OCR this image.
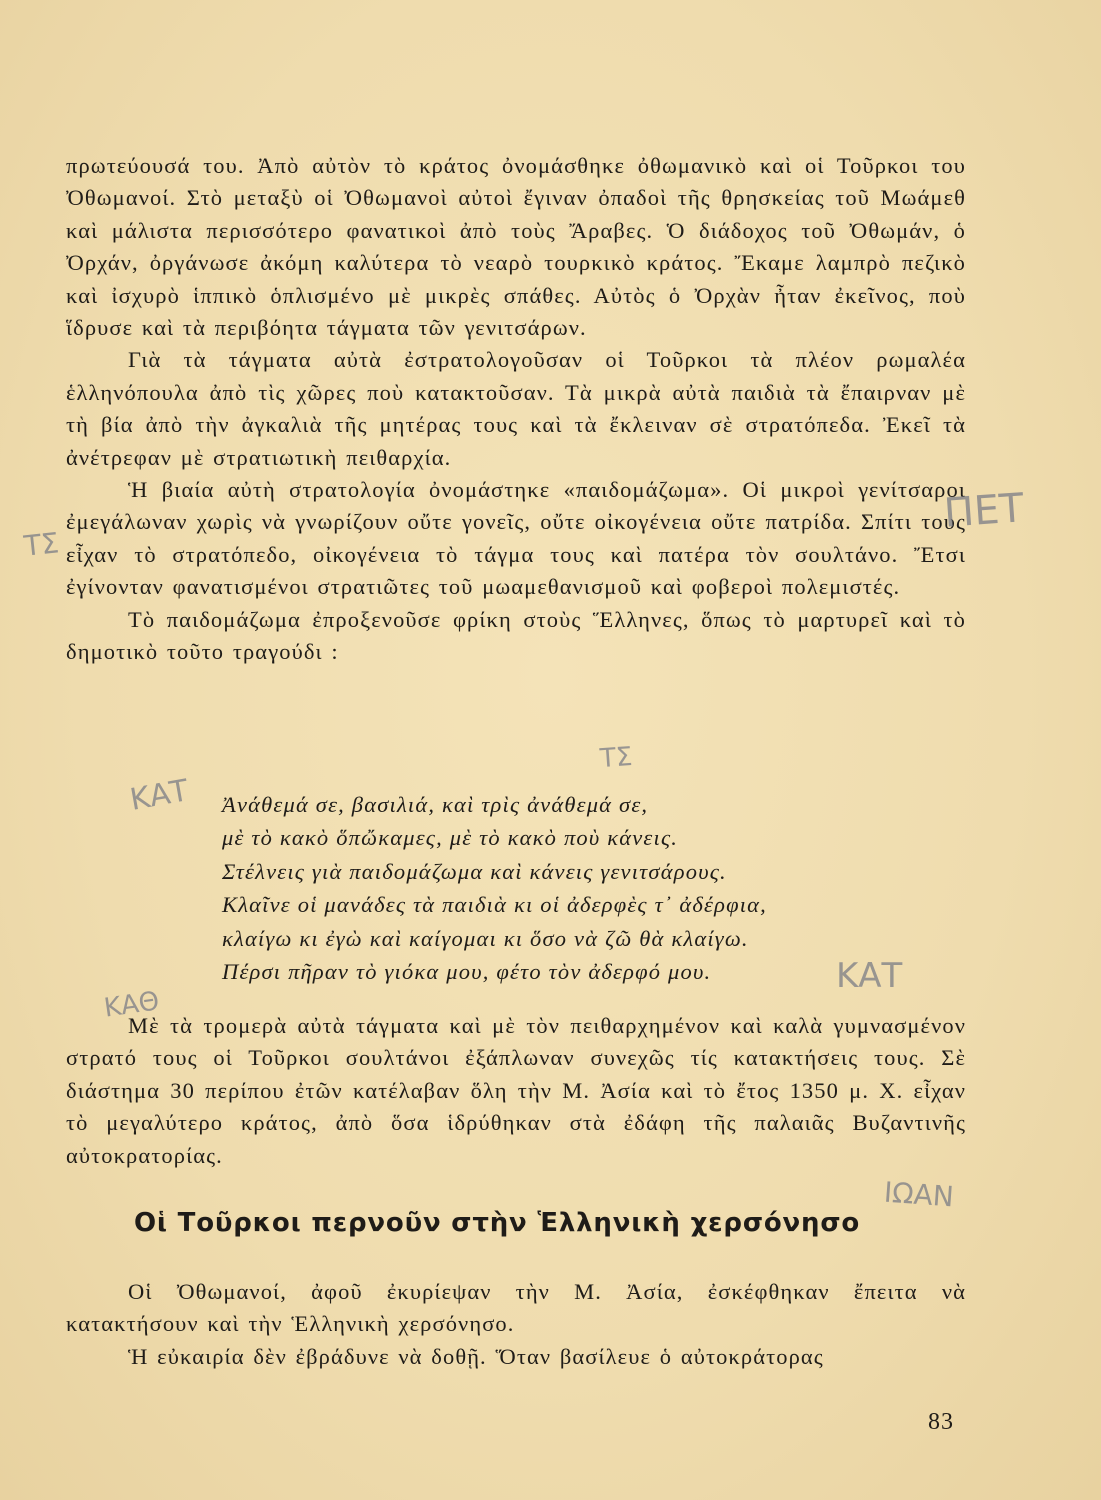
πρωτεύουσά του. Ἀπὸ αὐτὸν τὸ κράτος ὀνομάσθηκε ὀθωμανικὸ καὶ οἱ Τοῦρκοι του Ὀθωμανοί. Στὸ μεταξὺ οἱ Ὀθωμανοὶ αὐτοὶ ἔγιναν ὀπαδοὶ τῆς θρησκείας τοῦ Μωάμεθ καὶ μάλιστα περισσότερο φανατικοὶ ἀπὸ τοὺς Ἄραβες. Ὁ διάδοχος τοῦ Ὀθωμάν, ὁ Ὀρχάν, ὀργάνωσε ἀκόμη καλύτερα τὸ νεαρὸ τουρκικὸ κράτος. Ἔκαμε λαμπρὸ πεζικὸ καὶ ἰσχυρὸ ἱππικὸ ὁπλισμένο μὲ μικρὲς σπάθες. Αὐτὸς ὁ Ὀρχὰν ἦταν ἐκεῖνος, ποὺ ἵδρυσε καὶ τὰ περιβόητα τάγματα τῶν γενιτσάρων.

Γιὰ τὰ τάγματα αὐτὰ ἐστρατολογοῦσαν οἱ Τοῦρκοι τὰ πλέον ρωμαλέα ἑλληνόπουλα ἀπὸ τὶς χῶρες ποὺ κατακτοῦσαν. Τὰ μικρὰ αὐτὰ παιδιὰ τὰ ἔπαιρναν μὲ τὴ βία ἀπὸ τὴν ἀγκαλιὰ τῆς μητέρας τους καὶ τὰ ἔκλειναν σὲ στρατόπεδα. Ἐκεῖ τὰ ἀνέτρεφαν μὲ στρατιωτικὴ πειθαρχία.

Ἡ βιαία αὐτὴ στρατολογία ὀνομάστηκε «παιδομάζωμα». Οἱ μικροὶ γενίτσαροι ἐμεγάλωναν χωρὶς νὰ γνωρίζουν οὔτε γονεῖς, οὔτε οἰκογένεια οὔτε πατρίδα. Σπίτι τους εἶχαν τὸ στρατόπεδο, οἰκογένεια τὸ τάγμα τους καὶ πατέρα τὸν σουλτάνο. Ἔτσι ἐγίνονταν φανατισμένοι στρατιῶτες τοῦ μωαμεθανισμοῦ καὶ φοβεροὶ πολεμιστές.

Τὸ παιδομάζωμα ἐπροξενοῦσε φρίκη στοὺς Ἕλληνες, ὅπως τὸ μαρτυρεῖ καὶ τὸ δημοτικὸ τοῦτο τραγούδι :

Ἀνάθεμά σε, βασιλιά, καὶ τρὶς ἀνάθεμά σε,
μὲ τὸ κακὸ ὅπὤκαμες, μὲ τὸ κακὸ ποὺ κάνεις.
Στέλνεις γιὰ παιδομάζωμα καὶ κάνεις γενιτσάρους.
Κλαῖνε οἱ μανάδες τὰ παιδιὰ κι οἱ ἀδερφὲς τ᾿ ἀδέρφια,
κλαίγω κι ἐγὼ καὶ καίγομαι κι ὅσο νὰ ζῶ θὰ κλαίγω.
Πέρσι πῆραν τὸ γιόκα μου, φέτο τὸν ἀδερφό μου.

Μὲ τὰ τρομερὰ αὐτὰ τάγματα καὶ μὲ τὸν πειθαρχημένον καὶ καλὰ γυμνασμένον στρατό τους οἱ Τοῦρκοι σουλτάνοι ἐξάπλωναν συνεχῶς τίς κατακτήσεις τους. Σὲ διάστημα 30 περίπου ἐτῶν κατέλαβαν ὅλη τὴν Μ. Ἀσία καὶ τὸ ἔτος 1350 μ. Χ. εἶχαν τὸ μεγαλύτερο κράτος, ἀπὸ ὅσα ἱδρύθηκαν στὰ ἐδάφη τῆς παλαιᾶς Βυζαντινῆς αὐτοκρατορίας.

Οἱ Τοῦρκοι περνοῦν στὴν Ἑλληνικὴ χερσόνησο

Οἱ Ὀθωμανοί, ἀφοῦ ἐκυρίεψαν τὴν Μ. Ἀσία, ἐσκέφθηκαν ἔπειτα νὰ κατακτήσουν καὶ τὴν Ἑλληνικὴ χερσόνησο.

Ἡ εὐκαιρία δὲν ἐβράδυνε νὰ δοθῇ. Ὅταν βασίλευε ὁ αὐτοκράτορας

83
ΠΕΤ
ΤΣ
ΤΣ
ΚΑΤ
ΚΑΤ
ΚΑΘ
ΙΩΑΝ
